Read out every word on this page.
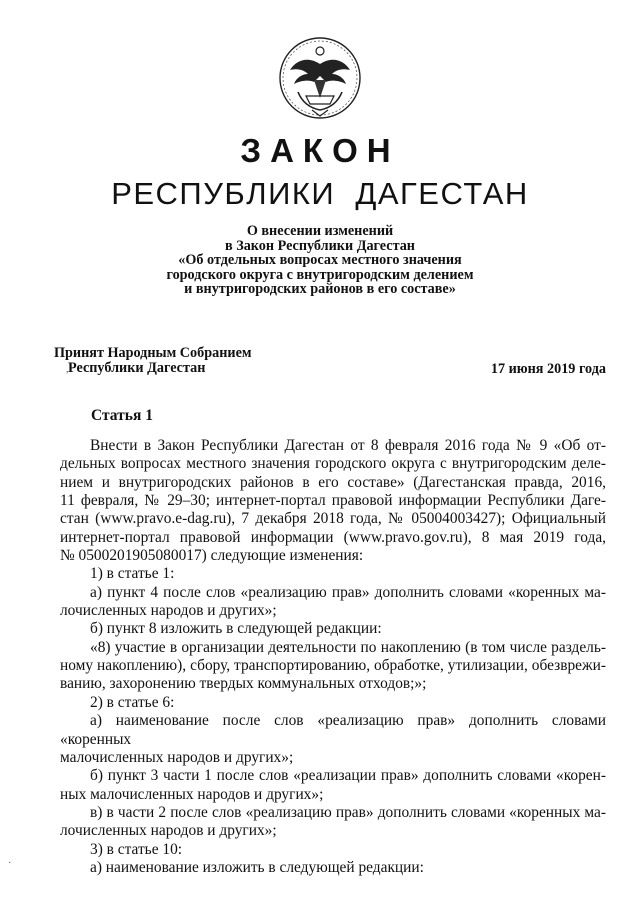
ЗАКОН
РЕСПУБЛИКИ ДАГЕСТАН
О внесении изменений
в Закон Республики Дагестан
«Об отдельных вопросах местного значения
городского округа с внутригородским делением
и внутригородских районов в его составе»
Принят Народным Собранием
Республики Дагестан	17 июня 2019 года
Статья 1
Внести в Закон Республики Дагестан от 8 февраля 2016 года № 9 «Об от-
дельных вопросах местного значения городского округа с внутригородским деле-
нием и внутригородских районов в его составе» (Дагестанская правда, 2016,
11 февраля, № 29–30; интернет-портал правовой информации Республики Даге-
стан (www.pravo.e-dag.ru), 7 декабря 2018 года, № 05004003427); Официальный
интернет-портал правовой информации (www.pravo.gov.ru), 8 мая 2019 года,
№ 0500201905080017) следующие изменения:
1) в статье 1:
а) пункт 4 после слов «реализацию прав» дополнить словами «коренных ма-
лочисленных народов и других»;
б) пункт 8 изложить в следующей редакции:
«8) участие в организации деятельности по накоплению (в том числе раздель-
ному накоплению), сбору, транспортированию, обработке, утилизации, обезврежи-
ванию, захоронению твердых коммунальных отходов;»;
2) в статье 6:
а) наименование после слов «реализацию прав» дополнить словами «коренных
малочисленных народов и других»;
б) пункт 3 части 1 после слов «реализации прав» дополнить словами «корен-
ных малочисленных народов и других»;
в) в части 2 после слов «реализацию прав» дополнить словами «коренных ма-
лочисленных народов и других»;
3) в статье 10:
а) наименование изложить в следующей редакции:
,
·
